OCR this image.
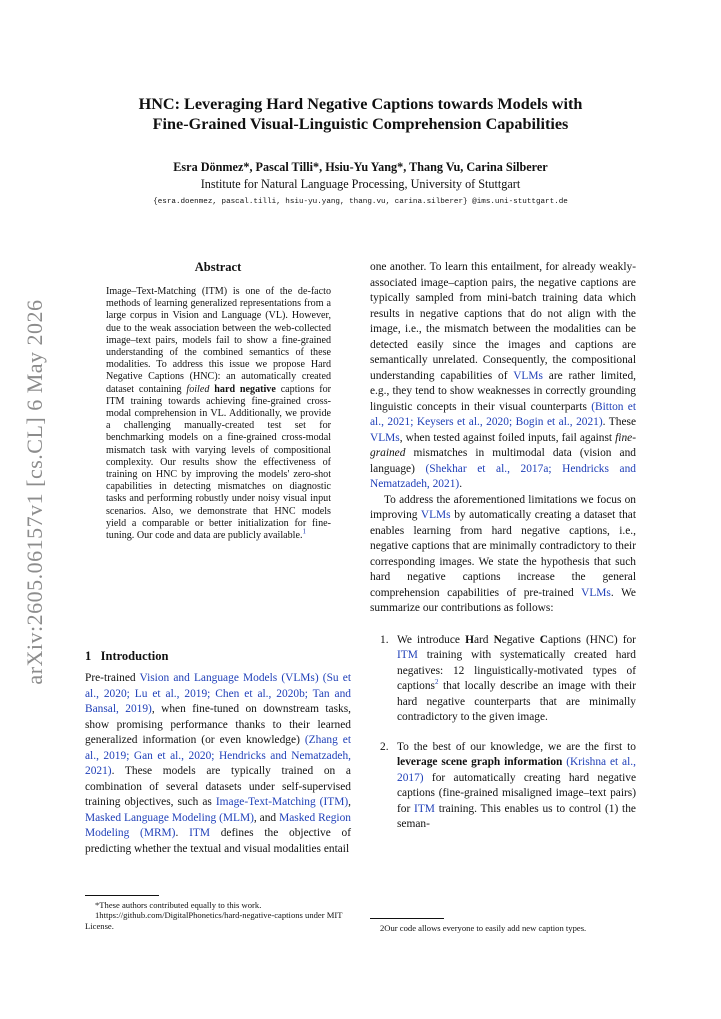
HNC: Leveraging Hard Negative Captions towards Models with
Fine-Grained Visual-Linguistic Comprehension Capabilities
Esra Dönmez*, Pascal Tilli*, Hsiu-Yu Yang*, Thang Vu, Carina Silberer
Institute for Natural Language Processing, University of Stuttgart
{esra.doenmez, pascal.tilli, hsiu-yu.yang, thang.vu, carina.silberer} @ims.uni-stuttgart.de
arXiv:2605.06157v1 [cs.CL] 6 May 2026
Abstract
Image–Text-Matching (ITM) is one of the de-facto methods of learning generalized representations from a large corpus in Vision and Language (VL). However, due to the weak association between the web-collected image–text pairs, models fail to show a fine-grained understanding of the combined semantics of these modalities. To address this issue we propose Hard Negative Captions (HNC): an automatically created dataset containing foiled hard negative captions for ITM training towards achieving fine-grained cross-modal comprehension in VL. Additionally, we provide a challenging manually-created test set for benchmarking models on a fine-grained cross-modal mismatch task with varying levels of compositional complexity. Our results show the effectiveness of training on HNC by improving the models' zero-shot capabilities in detecting mismatches on diagnostic tasks and performing robustly under noisy visual input scenarios. Also, we demonstrate that HNC models yield a comparable or better initialization for fine-tuning. Our code and data are publicly available.$^1$
1 Introduction

Pre-trained Vision and Language Models (VLMs) (Su et al., 2020; Lu et al., 2019; Chen et al., 2020b; Tan and Bansal, 2019), when fine-tuned on downstream tasks, show promising performance thanks to their learned generalized information (or even knowledge) (Zhang et al., 2019; Gan et al., 2020; Hendricks and Nematzadeh, 2021). These models are typically trained on a combination of several datasets under self-supervised training objectives, such as Image-Text-Matching (ITM), Masked Language Modeling (MLM), and Masked Region Modeling (MRM). ITM defines the objective of predicting whether the textual and visual modalities entail

*These authors contributed equally to this work.

1https://github.com/DigitalPhonetics/hard-negative-captions under MIT License.

one another. To learn this entailment, for already weakly-associated image–caption pairs, the negative captions are typically sampled from mini-batch training data which results in negative captions that do not align with the image, i.e., the mismatch between the modalities can be detected easily since the images and captions are semantically unrelated. Consequently, the compositional understanding capabilities of VLMs are rather limited, e.g., they tend to show weaknesses in correctly grounding linguistic concepts in their visual counterparts (Bitton et al., 2021; Keysers et al., 2020; Bogin et al., 2021). These VLMs, when tested against foiled inputs, fail against fine-grained mismatches in multimodal data (vision and language) (Shekhar et al., 2017a; Hendricks and Nematzadeh, 2021).

To address the aforementioned limitations we focus on improving VLMs by automatically creating a dataset that enables learning from hard negative captions, i.e., negative captions that are minimally contradictory to their corresponding images. We state the hypothesis that such hard negative captions increase the general comprehension capabilities of pre-trained VLMs. We summarize our contributions as follows:

1. We introduce Hard Negative Captions (HNC) for ITM training with systematically created hard negatives: 12 linguistically-motivated types of captions$^2$ that locally describe an image with their hard negative counterparts that are minimally contradictory to the given image.
2. To the best of our knowledge, we are the first to leverage scene graph information (Krishna et al., 2017) for automatically creating hard negative captions (fine-grained misaligned image–text pairs) for ITM training. This enables us to control (1) the seman-

2Our code allows everyone to easily add new caption types.
